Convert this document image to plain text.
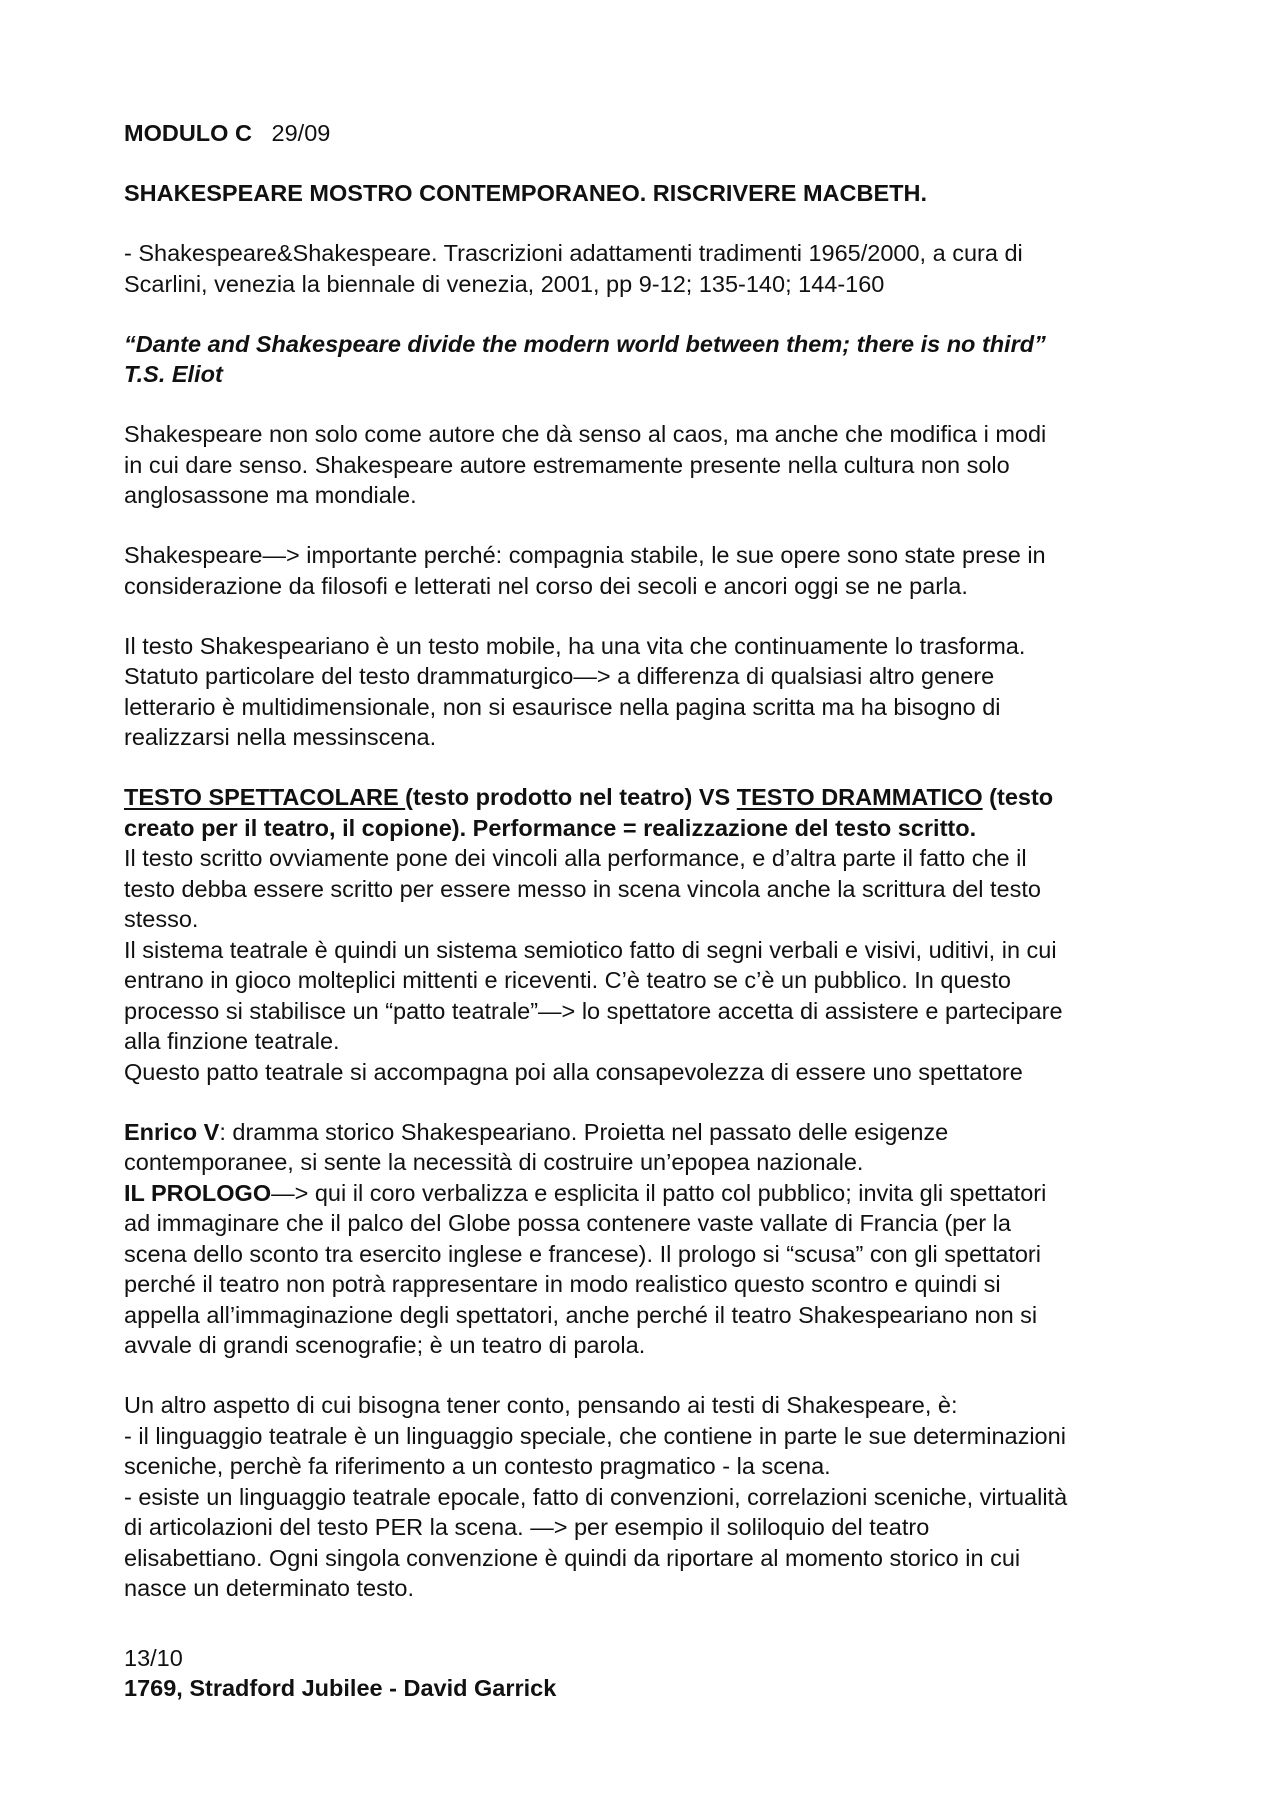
MODULO C 29/09

SHAKESPEARE MOSTRO CONTEMPORANEO. RISCRIVERE MACBETH.

- Shakespeare&Shakespeare. Trascrizioni adattamenti tradimenti 1965/2000, a cura di

Scarlini, venezia la biennale di venezia, 2001, pp 9-12; 135-140; 144-160

“Dante and Shakespeare divide the modern world between them; there is no third”

T.S. Eliot

Shakespeare non solo come autore che dà senso al caos, ma anche che modifica i modi

in cui dare senso. Shakespeare autore estremamente presente nella cultura non solo

anglosassone ma mondiale.

Shakespeare—> importante perché: compagnia stabile, le sue opere sono state prese in

considerazione da filosofi e letterati nel corso dei secoli e ancori oggi se ne parla.

Il testo Shakespeariano è un testo mobile, ha una vita che continuamente lo trasforma.

Statuto particolare del testo drammaturgico—> a differenza di qualsiasi altro genere

letterario è multidimensionale, non si esaurisce nella pagina scritta ma ha bisogno di

realizzarsi nella messinscena.

TESTO SPETTACOLARE (testo prodotto nel teatro) VS TESTO DRAMMATICO (testo

creato per il teatro, il copione). Performance = realizzazione del testo scritto.

Il testo scritto ovviamente pone dei vincoli alla performance, e d’altra parte il fatto che il

testo debba essere scritto per essere messo in scena vincola anche la scrittura del testo

stesso.

Il sistema teatrale è quindi un sistema semiotico fatto di segni verbali e visivi, uditivi, in cui

entrano in gioco molteplici mittenti e riceventi. C’è teatro se c’è un pubblico. In questo

processo si stabilisce un “patto teatrale”—> lo spettatore accetta di assistere e partecipare

alla finzione teatrale.

Questo patto teatrale si accompagna poi alla consapevolezza di essere uno spettatore

Enrico V: dramma storico Shakespeariano. Proietta nel passato delle esigenze

contemporanee, si sente la necessità di costruire un’epopea nazionale.

IL PROLOGO—> qui il coro verbalizza e esplicita il patto col pubblico; invita gli spettatori

ad immaginare che il palco del Globe possa contenere vaste vallate di Francia (per la

scena dello sconto tra esercito inglese e francese). Il prologo si “scusa” con gli spettatori

perché il teatro non potrà rappresentare in modo realistico questo scontro e quindi si

appella all’immaginazione degli spettatori, anche perché il teatro Shakespeariano non si

avvale di grandi scenografie; è un teatro di parola.

Un altro aspetto di cui bisogna tener conto, pensando ai testi di Shakespeare, è:

- il linguaggio teatrale è un linguaggio speciale, che contiene in parte le sue determinazioni

sceniche, perchè fa riferimento a un contesto pragmatico - la scena.

- esiste un linguaggio teatrale epocale, fatto di convenzioni, correlazioni sceniche, virtualità

di articolazioni del testo PER la scena. —> per esempio il soliloquio del teatro

elisabettiano. Ogni singola convenzione è quindi da riportare al momento storico in cui

nasce un determinato testo.

13/10

1769, Stradford Jubilee - David Garrick
